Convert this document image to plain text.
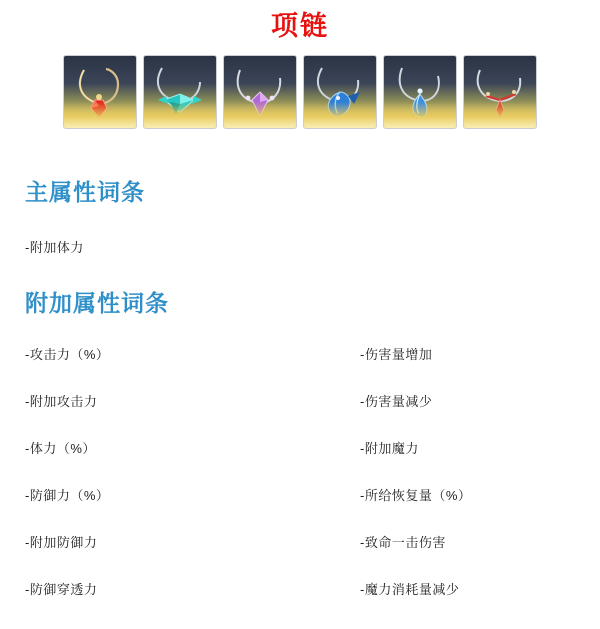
项链
主属性词条
-附加体力
附加属性词条
-攻击力（%）	-伤害量增加
-附加攻击力	-伤害量减少
-体力（%）	-附加魔力
-防御力（%）	-所给恢复量（%）
-附加防御力	-致命一击伤害
-防御穿透力	-魔力消耗量减少
